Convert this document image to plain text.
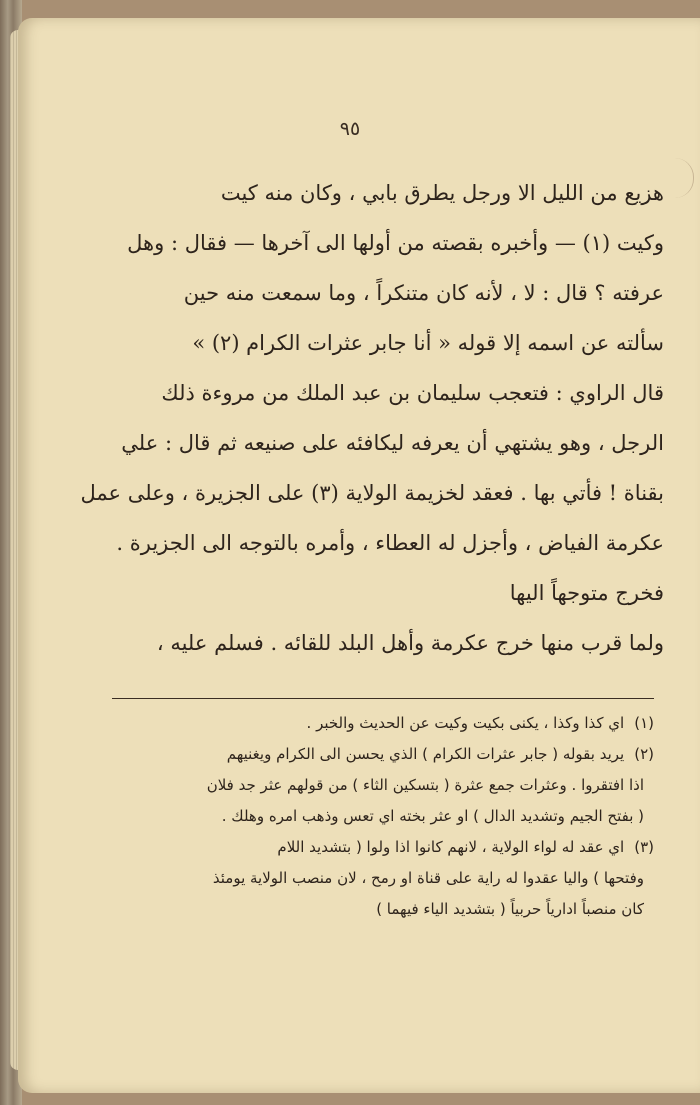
٩٥
هزيع من الليل الا ورجل يطرق بابي ، وكان منه كيت
وكيت (١) — وأخبره بقصته من أولها الى آخرها — فقال : وهل
عرفته ؟ قال : لا ، لأنه كان متنكراً ، وما سمعت منه حين
سألته عن اسمه إلا قوله « أنا جابر عثرات الكرام (٢) »
قال الراوي : فتعجب سليمان بن عبد الملك من مروءة ذلك
الرجل ، وهو يشتهي أن يعرفه ليكافئه على صنيعه ثم قال : علي
بقناة ! فأتي بها . فعقد لخزيمة الولاية (٣) على الجزيرة ، وعلى عمل
عكرمة الفياض ، وأجزل له العطاء ، وأمره بالتوجه الى الجزيرة .
فخرج متوجهاً اليها
ولما قرب منها خرج عكرمة وأهل البلد للقائه . فسلم عليه ،
(١)اي كذا وكذا ، يكنى بكيت وكيت عن الحديث والخبر .
(٢)يريد بقوله ( جابر عثرات الكرام ) الذي يحسن الى الكرام ويغنيهم
اذا افتقروا . وعثرات جمع عثرة ( بتسكين الثاء ) من قولهم عثر جد فلان
( بفتح الجيم وتشديد الدال ) او عثر بخته اي تعس وذهب امره وهلك .
(٣)اي عقد له لواء الولاية ، لانهم كانوا اذا ولوا ( بتشديد اللام
وفتحها ) واليا عقدوا له راية على قناة او رمح ، لان منصب الولاية يومئذ
كان منصباً ادارياً حربياً ( بتشديد الياء فيهما )
